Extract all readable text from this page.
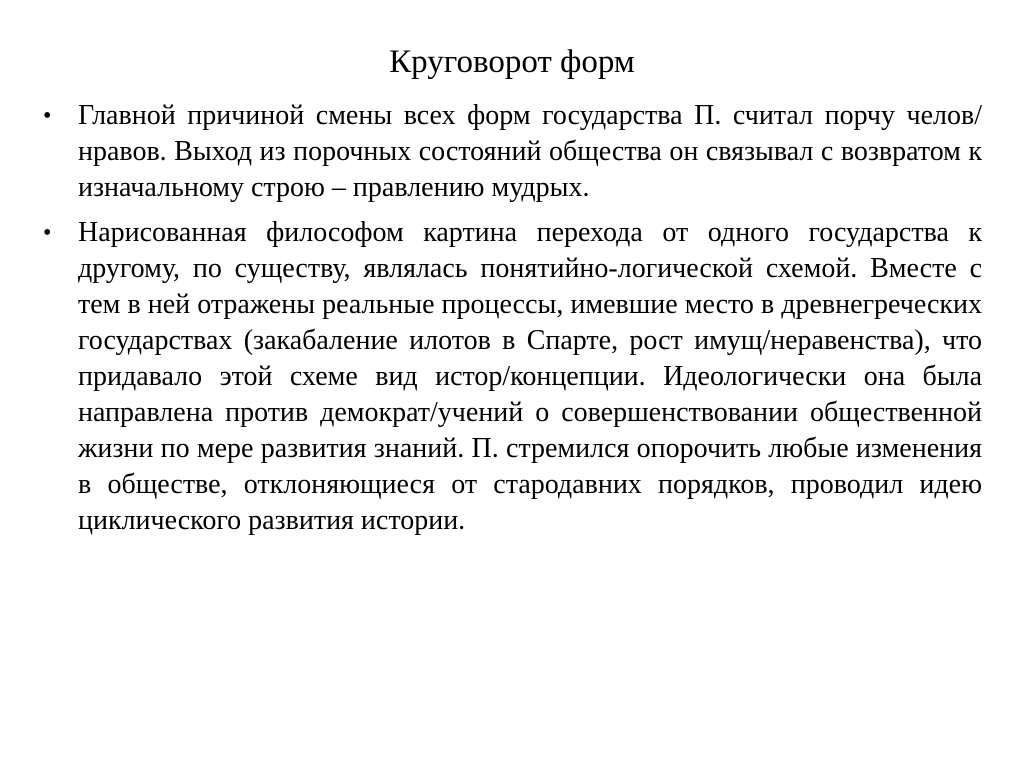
Круговорот форм
• Главной причиной смены всех форм государства П. считал порчу челов/нравов. Выход из порочных состояний общества он связывал с возвратом к изначальному строю – правлению мудрых.

• Нарисованная философом картина перехода от одного государства к другому, по существу, являлась понятийно-логической схемой. Вместе с тем в ней отражены реальные процессы, имевшие место в древнегреческих государствах (закабаление илотов в Спарте, рост имущ/неравенства), что придавало этой схеме вид истор/концепции. Идеологически она была направлена против демократ/учений о совершенствовании общественной жизни по мере развития знаний. П. стремился опорочить любые изменения в обществе, отклоняющиеся от стародавних порядков, проводил идею циклического развития истории.
